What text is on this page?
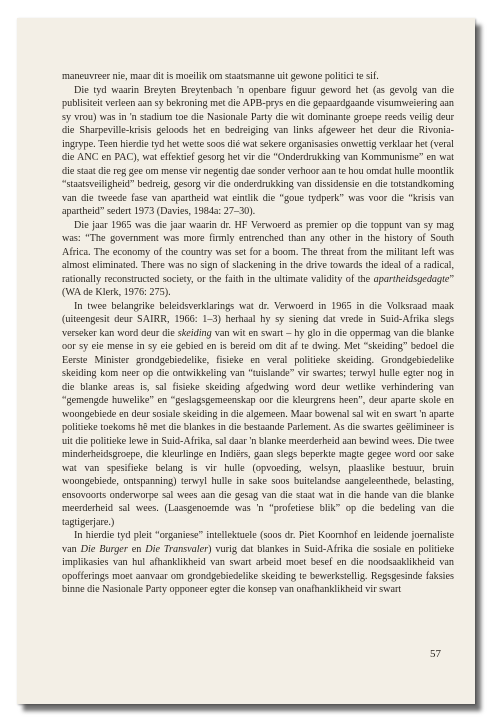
maneuvreer nie, maar dit is moeilik om staatsmanne uit gewone politici te sif.

Die tyd waarin Breyten Breytenbach 'n openbare figuur geword het (as gevolg van die publisiteit verleen aan sy bekroning met die APB-prys en die gepaardgaande visumweiering aan sy vrou) was in 'n stadium toe die Nasionale Party die wit dominante groepe reeds veilig deur die Sharpeville-krisis geloods het en bedreiging van links afgeweer het deur die Rivonia-ingrype. Teen hierdie tyd het wette soos dié wat sekere organisasies onwettig verklaar het (veral die ANC en PAC), wat effektief gesorg het vir die “Onderdrukking van Kommunisme” en wat die staat die reg gee om mense vir negentig dae sonder verhoor aan te hou omdat hulle moontlik “staatsveiligheid” bedreig, gesorg vir die onderdrukking van dissidensie en die totstandkoming van die tweede fase van apartheid wat eintlik die “goue tydperk” was voor die “krisis van apartheid” sedert 1973 (Davies, 1984a: 27–30).

Die jaar 1965 was die jaar waarin dr. HF Verwoerd as premier op die toppunt van sy mag was: “The government was more firmly entrenched than any other in the history of South Africa. The economy of the country was set for a boom. The threat from the militant left was almost eliminated. There was no sign of slackening in the drive towards the ideal of a radical, rationally reconstructed society, or the faith in the ultimate validity of the apartheidsgedagte” (WA de Klerk, 1976: 275).

In twee belangrike beleidsverklarings wat dr. Verwoerd in 1965 in die Volksraad maak (uiteengesit deur SAIRR, 1966: 1–3) herhaal hy sy siening dat vrede in Suid-Afrika slegs verseker kan word deur die skeiding van wit en swart – hy glo in die oppermag van die blanke oor sy eie mense in sy eie gebied en is bereid om dit af te dwing. Met “skeiding” bedoel die Eerste Minister grondgebiedelike, fisieke en veral politieke skeiding. Grondgebiedelike skeiding kom neer op die ontwikkeling van “tuislande” vir swartes; terwyl hulle egter nog in die blanke areas is, sal fisieke skeiding afgedwing word deur wetlike verhindering van “gemengde huwelike” en “geslagsgemeenskap oor die kleurgrens heen”, deur aparte skole en woongebiede en deur sosiale skeiding in die algemeen. Maar bowenal sal wit en swart 'n aparte politieke toekoms hê met die blankes in die bestaande Parlement. As die swartes geëlimineer is uit die politieke lewe in Suid-Afrika, sal daar 'n blanke meerderheid aan bewind wees. Die twee minderheidsgroepe, die kleurlinge en Indiërs, gaan slegs beperkte magte gegee word oor sake wat van spesifieke belang is vir hulle (opvoeding, welsyn, plaaslike bestuur, bruin woongebiede, ontspanning) terwyl hulle in sake soos buitelandse aangeleenthede, belasting, ensovoorts onderworpe sal wees aan die gesag van die staat wat in die hande van die blanke meerderheid sal wees. (Laasgenoemde was 'n “profetiese blik” op die bedeling van die tagtigerjare.)

In hierdie tyd pleit “organiese” intellektuele (soos dr. Piet Koornhof en leidende joernaliste van Die Burger en Die Transvaler) vurig dat blankes in Suid-Afrika die sosiale en politieke implikasies van hul afhanklikheid van swart arbeid moet besef en die noodsaaklikheid van opofferings moet aanvaar om grondgebiedelike skeiding te bewerkstellig. Regsgesinde faksies binne die Nasionale Party opponeer egter die konsep van onafhanklikheid vir swart

57
